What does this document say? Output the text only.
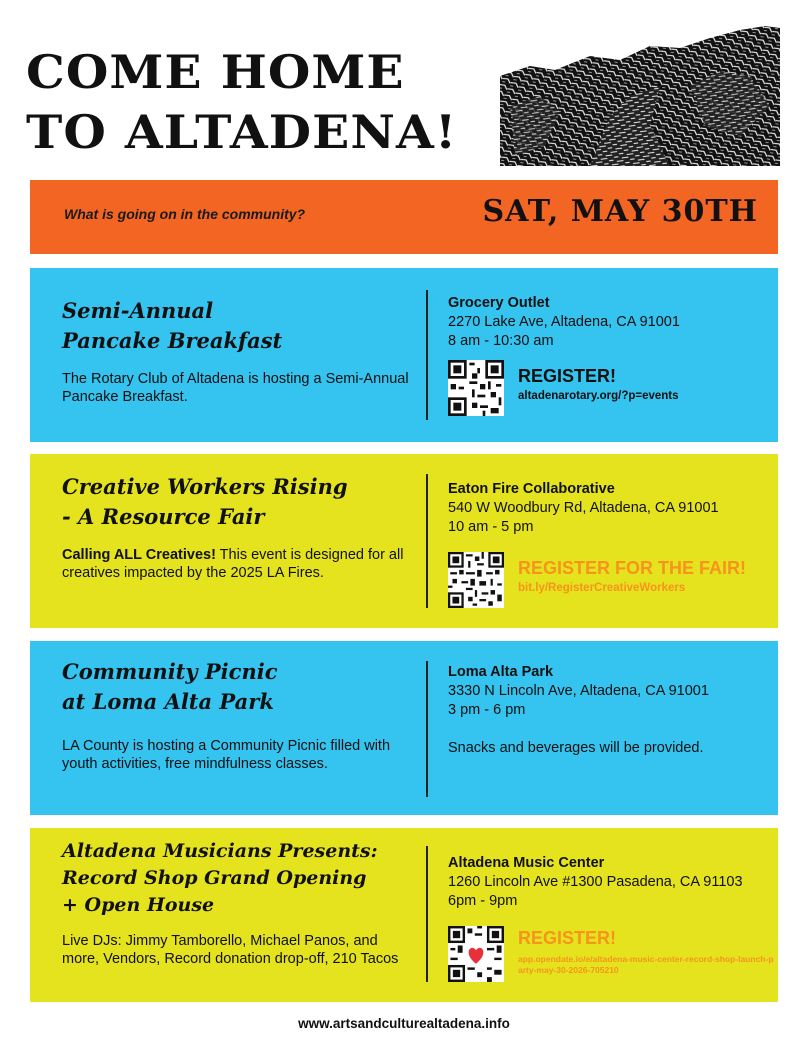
COME HOME
TO ALTADENA!
What is going on in the community?	SAT, MAY 30TH
Semi-Annual
Pancake Breakfast
The Rotary Club of Altadena is hosting a Semi-Annual Pancake Breakfast.
Grocery Outlet
2270 Lake Ave, Altadena, CA 91001
8 am - 10:30 am
REGISTER!
altadenarotary.org/?p=events
Creative Workers Rising
- A Resource Fair
Calling ALL Creatives! This event is designed for all creatives impacted by the 2025 LA Fires.
Eaton Fire Collaborative
540 W Woodbury Rd, Altadena, CA 91001
10 am - 5 pm
REGISTER FOR THE FAIR!
bit.ly/RegisterCreativeWorkers
Community Picnic
at Loma Alta Park
LA County is hosting a Community Picnic filled with youth activities, free mindfulness classes.
Loma Alta Park
3330 N Lincoln Ave, Altadena, CA 91001
3 pm - 6 pm
Snacks and beverages will be provided.
Altadena Musicians Presents:
Record Shop Grand Opening
+ Open House
Live DJs: Jimmy Tamborello, Michael Panos, and more, Vendors, Record donation drop-off, 210 Tacos
Altadena Music Center
1260 Lincoln Ave #1300 Pasadena, CA 91103
6pm - 9pm
REGISTER!
app.opendate.io/e/altadena-music-center-record-shop-launch-party-may-30-2026-705210
www.artsandculturealtadena.info
